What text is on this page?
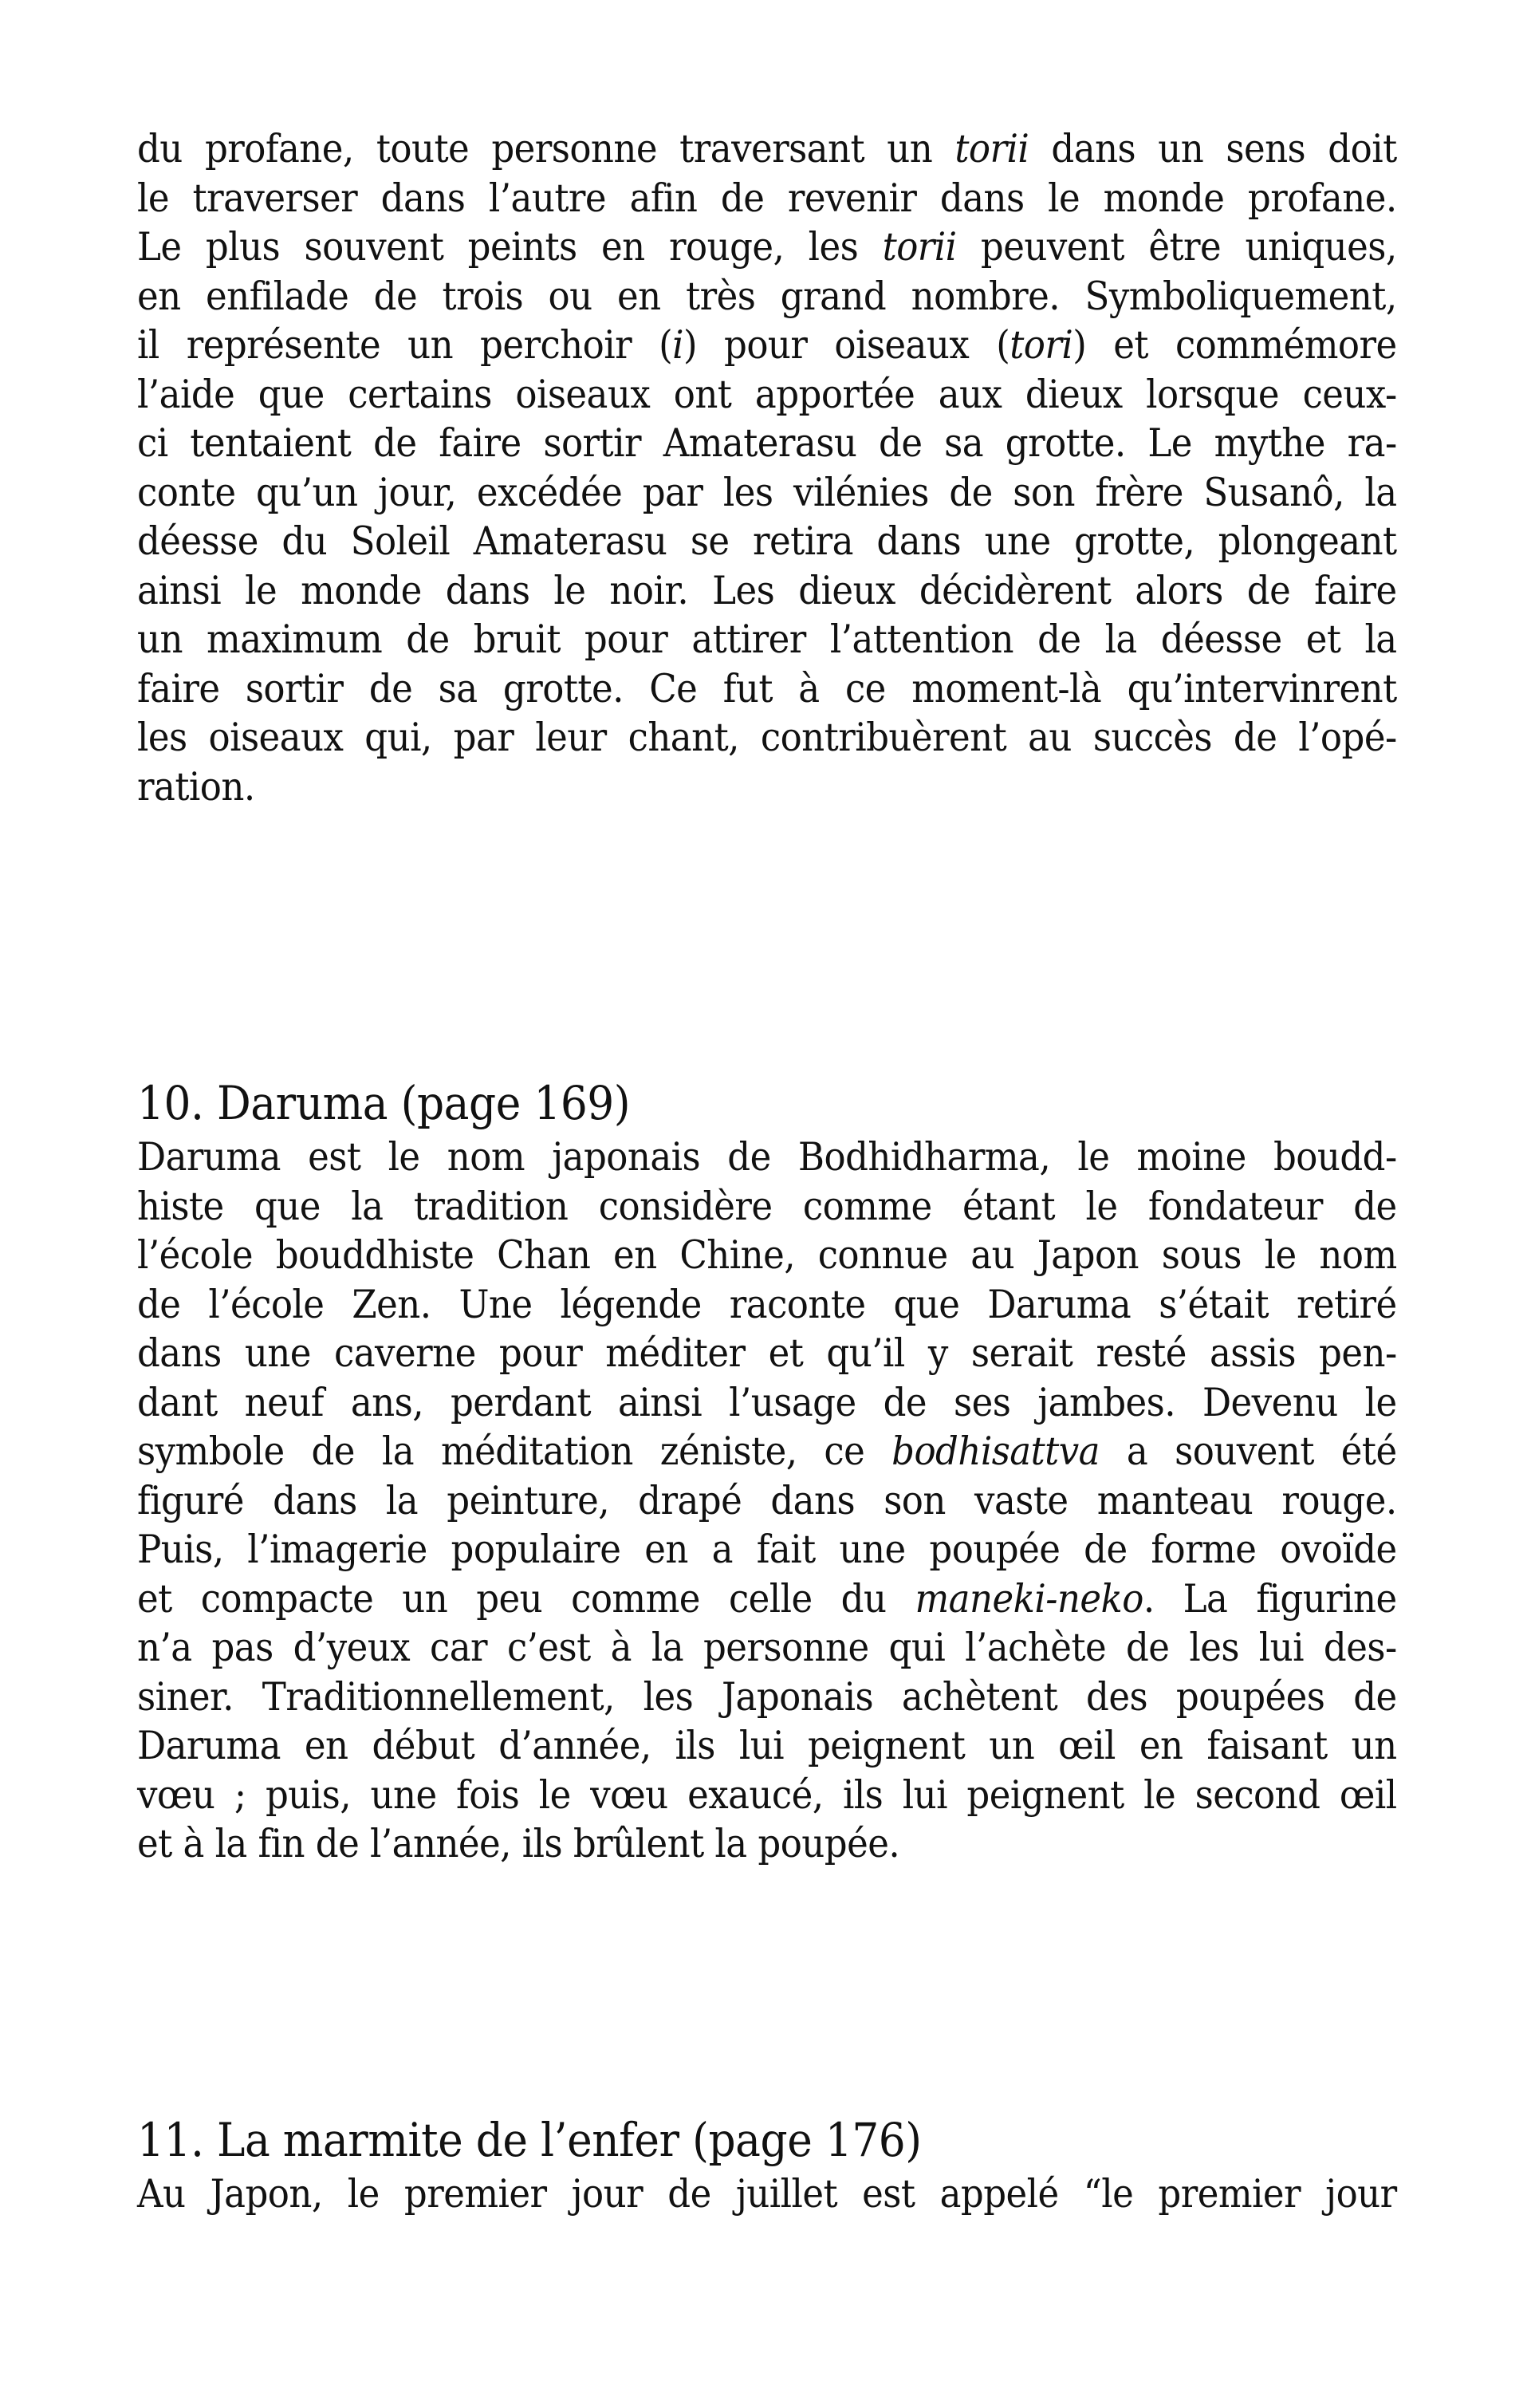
du profane, toute personne traversant un torii dans un sens doit
le traverser dans l’autre afin de revenir dans le monde profane.
Le plus souvent peints en rouge, les torii peuvent être uniques,
en enfilade de trois ou en très grand nombre. Symboliquement,
il représente un perchoir (i) pour oiseaux (tori) et commémore
l’aide que certains oiseaux ont apportée aux dieux lorsque ceux-
ci tentaient de faire sortir Amaterasu de sa grotte. Le mythe ra-
conte qu’un jour, excédée par les vilénies de son frère Susanô, la
déesse du Soleil Amaterasu se retira dans une grotte, plongeant
ainsi le monde dans le noir. Les dieux décidèrent alors de faire
un maximum de bruit pour attirer l’attention de la déesse et la
faire sortir de sa grotte. Ce fut à ce moment-là qu’intervinrent
les oiseaux qui, par leur chant, contribuèrent au succès de l’opé-
ration.
10. Daruma (page 169)
Daruma est le nom japonais de Bodhidharma, le moine boudd-
histe que la tradition considère comme étant le fondateur de
l’école bouddhiste Chan en Chine, connue au Japon sous le nom
de l’école Zen. Une légende raconte que Daruma s’était retiré
dans une caverne pour méditer et qu’il y serait resté assis pen-
dant neuf ans, perdant ainsi l’usage de ses jambes. Devenu le
symbole de la méditation zéniste, ce bodhisattva a souvent été
figuré dans la peinture, drapé dans son vaste manteau rouge.
Puis, l’imagerie populaire en a fait une poupée de forme ovoïde
et compacte un peu comme celle du maneki-neko. La figurine
n’a pas d’yeux car c’est à la personne qui l’achète de les lui des-
siner. Traditionnellement, les Japonais achètent des poupées de
Daruma en début d’année, ils lui peignent un œil en faisant un
vœu ; puis, une fois le vœu exaucé, ils lui peignent le second œil
et à la fin de l’année, ils brûlent la poupée.
11. La marmite de l’enfer (page 176)
Au Japon, le premier jour de juillet est appelé “le premier jour
